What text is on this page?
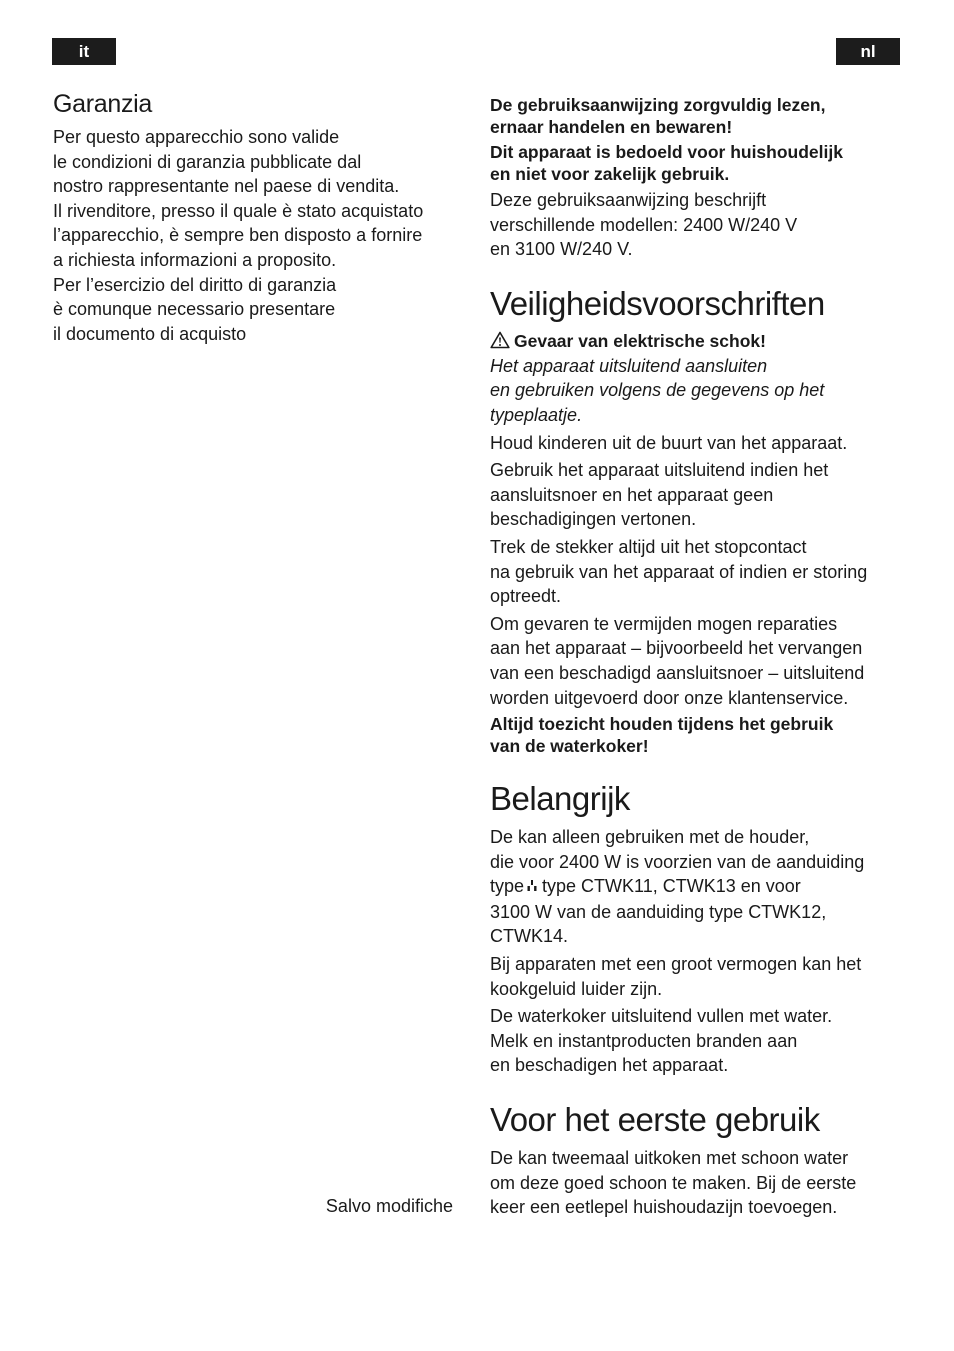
it	nl
Garanzia

Per questo apparecchio sono valide
le condizioni di garanzia pubblicate dal
nostro rappresentante nel paese di vendita.
Il rivenditore, presso il quale è stato acquistato
l’apparecchio, è sempre ben disposto a fornire
a richiesta informazioni a proposito.
Per l’esercizio del diritto di garanzia
è comunque necessario presentare
il documento di acquisto

Salvo modifiche

De gebruiksaanwijzing zorgvuldig lezen,
ernaar handelen en bewaren!

Dit apparaat is bedoeld voor huishoudelijk
en niet voor zakelijk gebruik.

Deze gebruiksaanwijzing beschrijft
verschillende modellen: 2400 W/240 V
en 3100 W/240 V.

Veiligheidsvoorschriften

Gevaar van elektrische schok!

Het apparaat uitsluitend aansluiten
en gebruiken volgens de gegevens op het
typeplaatje.

Houd kinderen uit de buurt van het apparaat.

Gebruik het apparaat uitsluitend indien het
aansluitsnoer en het apparaat geen
beschadigingen vertonen.

Trek de stekker altijd uit het stopcontact
na gebruik van het apparaat of indien er storing
optreedt.

Om gevaren te vermijden mogen reparaties
aan het apparaat – bijvoorbeeld het vervangen
van een beschadigd aansluitsnoer – uitsluitend
worden uitgevoerd door onze klantenservice.

Altijd toezicht houden tijdens het gebruik
van de waterkoker!

Belangrijk

De kan alleen gebruiken met de houder,
die voor 2400 W is voorzien van de aanduiding
type type CTWK11, CTWK13 en voor
3100 W van de aanduiding type CTWK12,
CTWK14.

Bij apparaten met een groot vermogen kan het
kookgeluid luider zijn.

De waterkoker uitsluitend vullen met water.
Melk en instantproducten branden aan
en beschadigen het apparaat.

Voor het eerste gebruik

De kan tweemaal uitkoken met schoon water
om deze goed schoon te maken. Bij de eerste
keer een eetlepel huishoudazijn toevoegen.
